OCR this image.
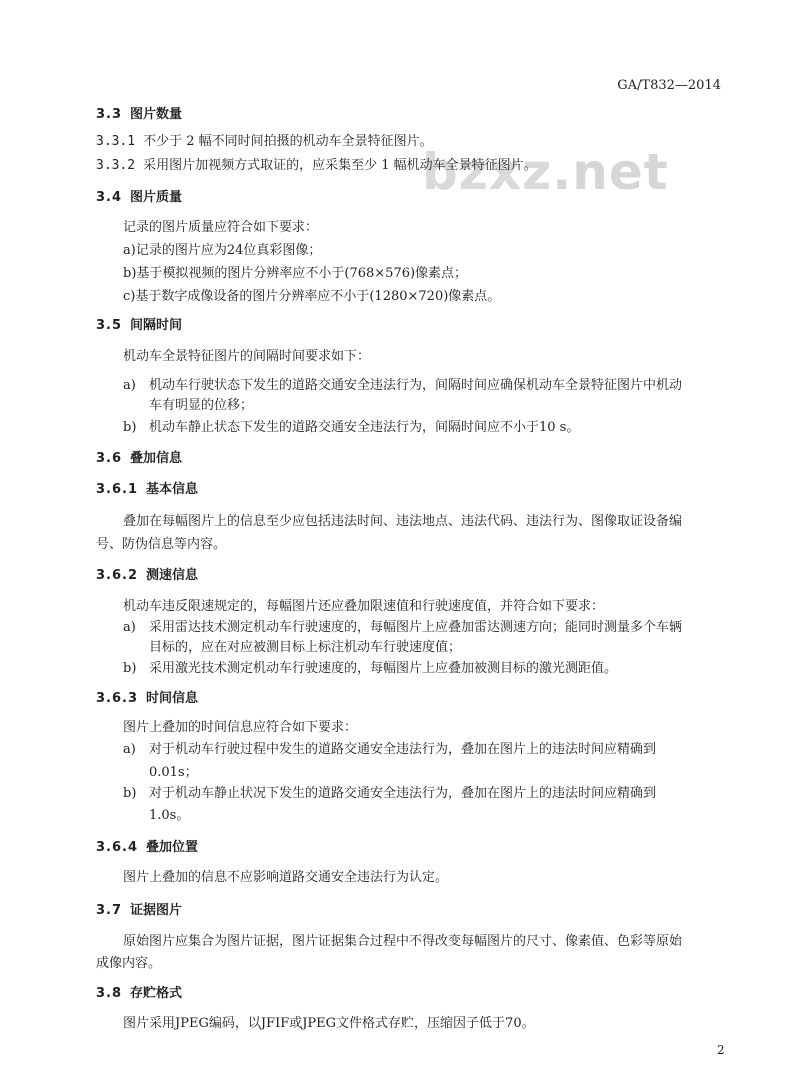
GA/T832—2014
bzxz.net
3.3 图片数量
3.3.1 不少于 2 幅不同时间拍摄的机动车全景特征图片。
3.3.2 采用图片加视频方式取证的，应采集至少 1 幅机动车全景特征图片。
3.4 图片质量
记录的图片质量应符合如下要求：
a)记录的图片应为24位真彩图像；
b)基于模拟视频的图片分辨率应不小于(768×576)像素点；
c)基于数字成像设备的图片分辨率应不小于(1280×720)像素点。
3.5 间隔时间
机动车全景特征图片的间隔时间要求如下：
a) 机动车行驶状态下发生的道路交通安全违法行为，间隔时间应确保机动车全景特征图片中机动
车有明显的位移；
b) 机动车静止状态下发生的道路交通安全违法行为，间隔时间应不小于10 s。
3.6 叠加信息
3.6.1 基本信息
叠加在每幅图片上的信息至少应包括违法时间、违法地点、违法代码、违法行为、图像取证设备编
号、防伪信息等内容。
3.6.2 测速信息
机动车违反限速规定的，每幅图片还应叠加限速值和行驶速度值，并符合如下要求：
a) 采用雷达技术测定机动车行驶速度的，每幅图片上应叠加雷达测速方向；能同时测量多个车辆
目标的，应在对应被测目标上标注机动车行驶速度值；
b) 采用激光技术测定机动车行驶速度的，每幅图片上应叠加被测目标的激光测距值。
3.6.3 时间信息
图片上叠加的时间信息应符合如下要求：
a) 对于机动车行驶过程中发生的道路交通安全违法行为，叠加在图片上的违法时间应精确到
0.01s；
b) 对于机动车静止状况下发生的道路交通安全违法行为，叠加在图片上的违法时间应精确到
1.0s。
3.6.4 叠加位置
图片上叠加的信息不应影响道路交通安全违法行为认定。
3.7 证据图片
原始图片应集合为图片证据，图片证据集合过程中不得改变每幅图片的尺寸、像素值、色彩等原始
成像内容。
3.8 存贮格式
图片采用JPEG编码，以JFIF或JPEG文件格式存贮，压缩因子低于70。
2
